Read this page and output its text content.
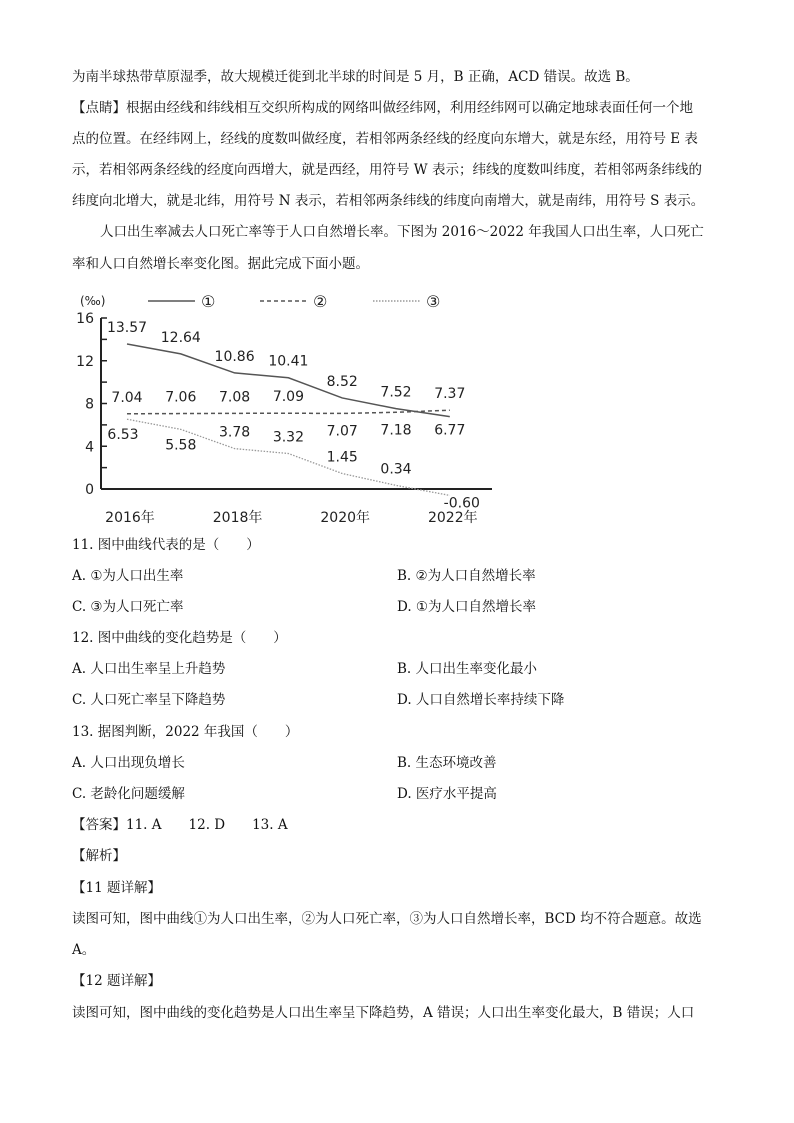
为南半球热带草原湿季，故大规模迁徙到北半球的时间是 5 月，B 正确，ACD 错误。故选 B。
【点睛】根据由经线和纬线相互交织所构成的网络叫做经纬网，利用经纬网可以确定地球表面任何一个地
点的位置。在经纬网上，经线的度数叫做经度，若相邻两条经线的经度向东增大，就是东经，用符号 E 表
示，若相邻两条经线的经度向西增大，就是西经，用符号 W 表示；纬线的度数叫纬度，若相邻两条纬线的
纬度向北增大，就是北纬，用符号 N 表示，若相邻两条纬线的纬度向南增大，就是南纬，用符号 S 表示。
人口出生率减去人口死亡率等于人口自然增长率。下图为 2016～2022 年我国人口出生率，人口死亡
率和人口自然增长率变化图。据此完成下面小题。
0
4
8
12
16
(‰)
2016年	2018年	2020年	2022年
①	②	③
13.57
12.64
10.86 10.41
8.52
7.52
6.77
7.04 7.06 7.08 7.09
7.07 7.18
7.37
6.53
5.58
3.78 3.32
1.45
0.34
-0.60
11. 图中曲线代表的是（　　）
A. ①为人口出生率	B. ②为人口自然增长率
C. ③为人口死亡率	D. ①为人口自然增长率
12. 图中曲线的变化趋势是（　　）
A. 人口出生率呈上升趋势	B. 人口出生率变化最小
C. 人口死亡率呈下降趋势	D. 人口自然增长率持续下降
13. 据图判断，2022 年我国（　　）
A. 人口出现负增长	B. 生态环境改善
C. 老龄化问题缓解	D. 医疗水平提高
【答案】11. A　　12. D　　13. A
【解析】
【11 题详解】
读图可知，图中曲线①为人口出生率，②为人口死亡率，③为人口自然增长率，BCD 均不符合题意。故选
A。
【12 题详解】
读图可知，图中曲线的变化趋势是人口出生率呈下降趋势，A 错误；人口出生率变化最大，B 错误；人口
